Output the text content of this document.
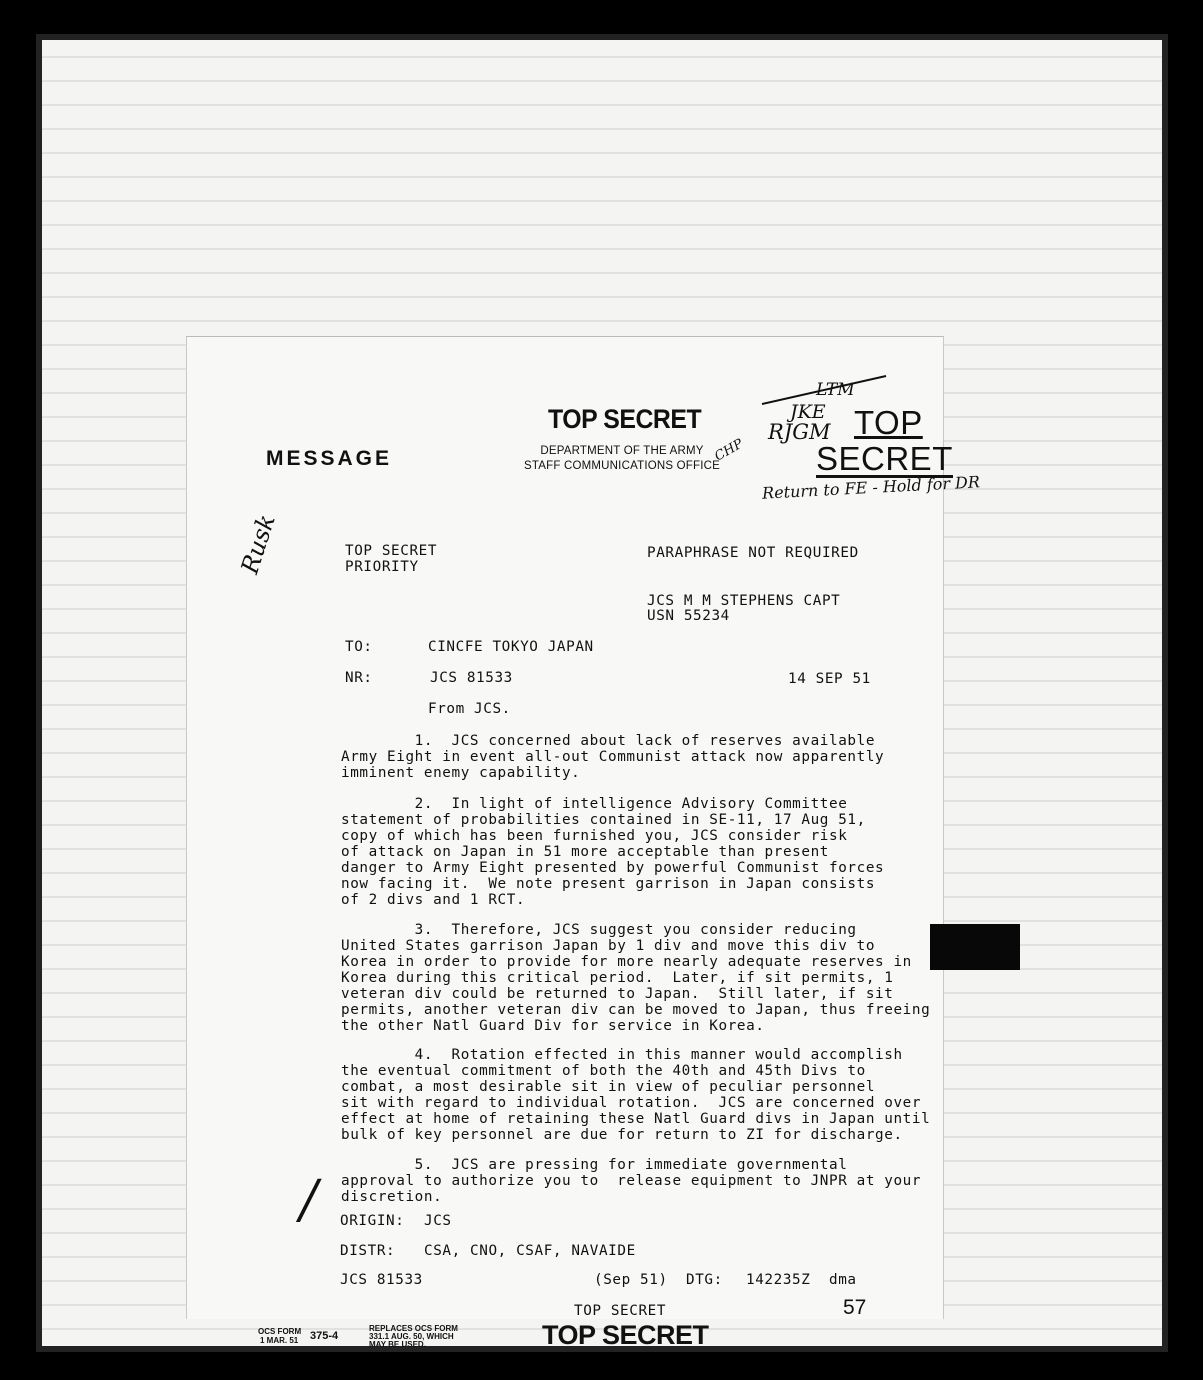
TOP SECRET
DEPARTMENT OF THE ARMY
STAFF COMMUNICATIONS OFFICE
MESSAGE
TOP
SECRET
LTM
JKE
RJGM
CHP
Return to FE - Hold for DR
Rusk
/
TOP SECRET
PRIORITY
PARAPHRASE NOT REQUIRED
JCS M M STEPHENS CAPT
USN 55234
TO:	CINCFE TOKYO JAPAN
NR:	JCS 81533	14 SEP 51
From JCS.
1.  JCS concerned about lack of reserves available
Army Eight in event all-out Communist attack now apparently
imminent enemy capability.
2.  In light of intelligence Advisory Committee
statement of probabilities contained in SE-11, 17 Aug 51,
copy of which has been furnished you, JCS consider risk
of attack on Japan in 51 more acceptable than present
danger to Army Eight presented by powerful Communist forces
now facing it.  We note present garrison in Japan consists
of 2 divs and 1 RCT.
3.  Therefore, JCS suggest you consider reducing
United States garrison Japan by 1 div and move this div to
Korea in order to provide for more nearly adequate reserves in
Korea during this critical period.  Later, if sit permits, 1
veteran div could be returned to Japan.  Still later, if sit
permits, another veteran div can be moved to Japan, thus freeing
the other Natl Guard Div for service in Korea.
4.  Rotation effected in this manner would accomplish
the eventual commitment of both the 40th and 45th Divs to
combat, a most desirable sit in view of peculiar personnel
sit with regard to individual rotation.  JCS are concerned over
effect at home of retaining these Natl Guard divs in Japan until
bulk of key personnel are due for return to ZI for discharge.
5.  JCS are pressing for immediate governmental
approval to authorize you to  release equipment to JNPR at your
discretion.
ORIGIN: JCS
DISTR: CSA, CNO, CSAF, NAVAIDE
JCS 81533	(Sep 51) DTG: 142235Z dma
TOP SECRET	57
OCS FORM
1 MAR. 51 375-4
REPLACES OCS FORM
331.1 AUG. 50, WHICH
MAY BE USED.	TOP SECRET
